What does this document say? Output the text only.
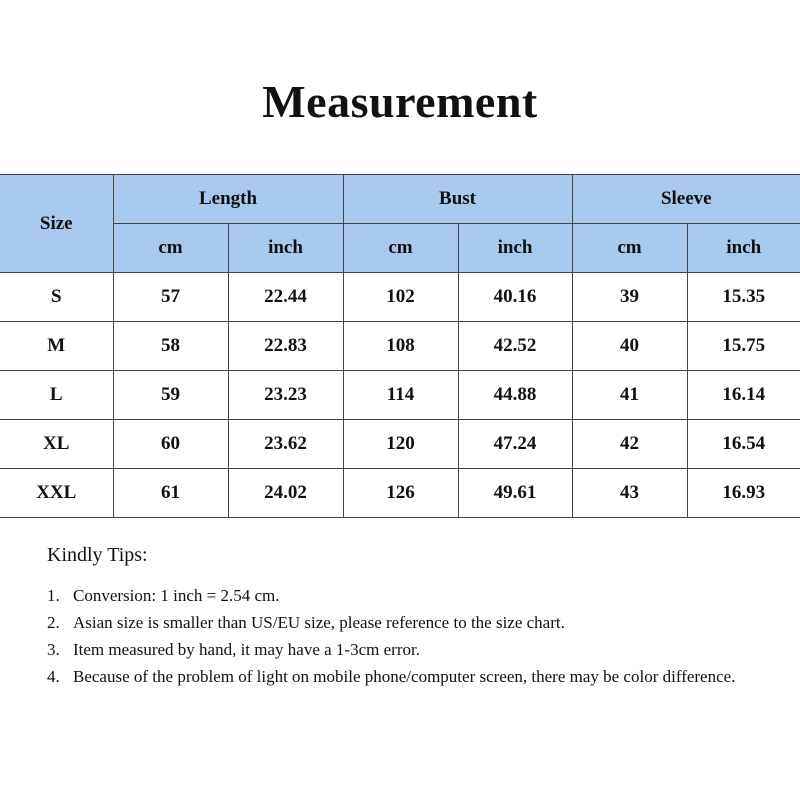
Measurement
Size	Length		Bust		Sleeve	
	cm	inch	cm	inch	cm	inch
S	57	22.44	102	40.16	39	15.35
M	58	22.83	108	42.52	40	15.75
L	59	23.23	114	44.88	41	16.14
XL	60	23.62	120	47.24	42	16.54
XXL	61	24.02	126	49.61	43	16.93
Kindly Tips:
1. Conversion: 1 inch = 2.54 cm.
2. Asian size is smaller than US/EU size, please reference to the size chart.
3. Item measured by hand, it may have a 1-3cm error.
4. Because of the problem of light on mobile phone/computer screen, there may be color difference.
